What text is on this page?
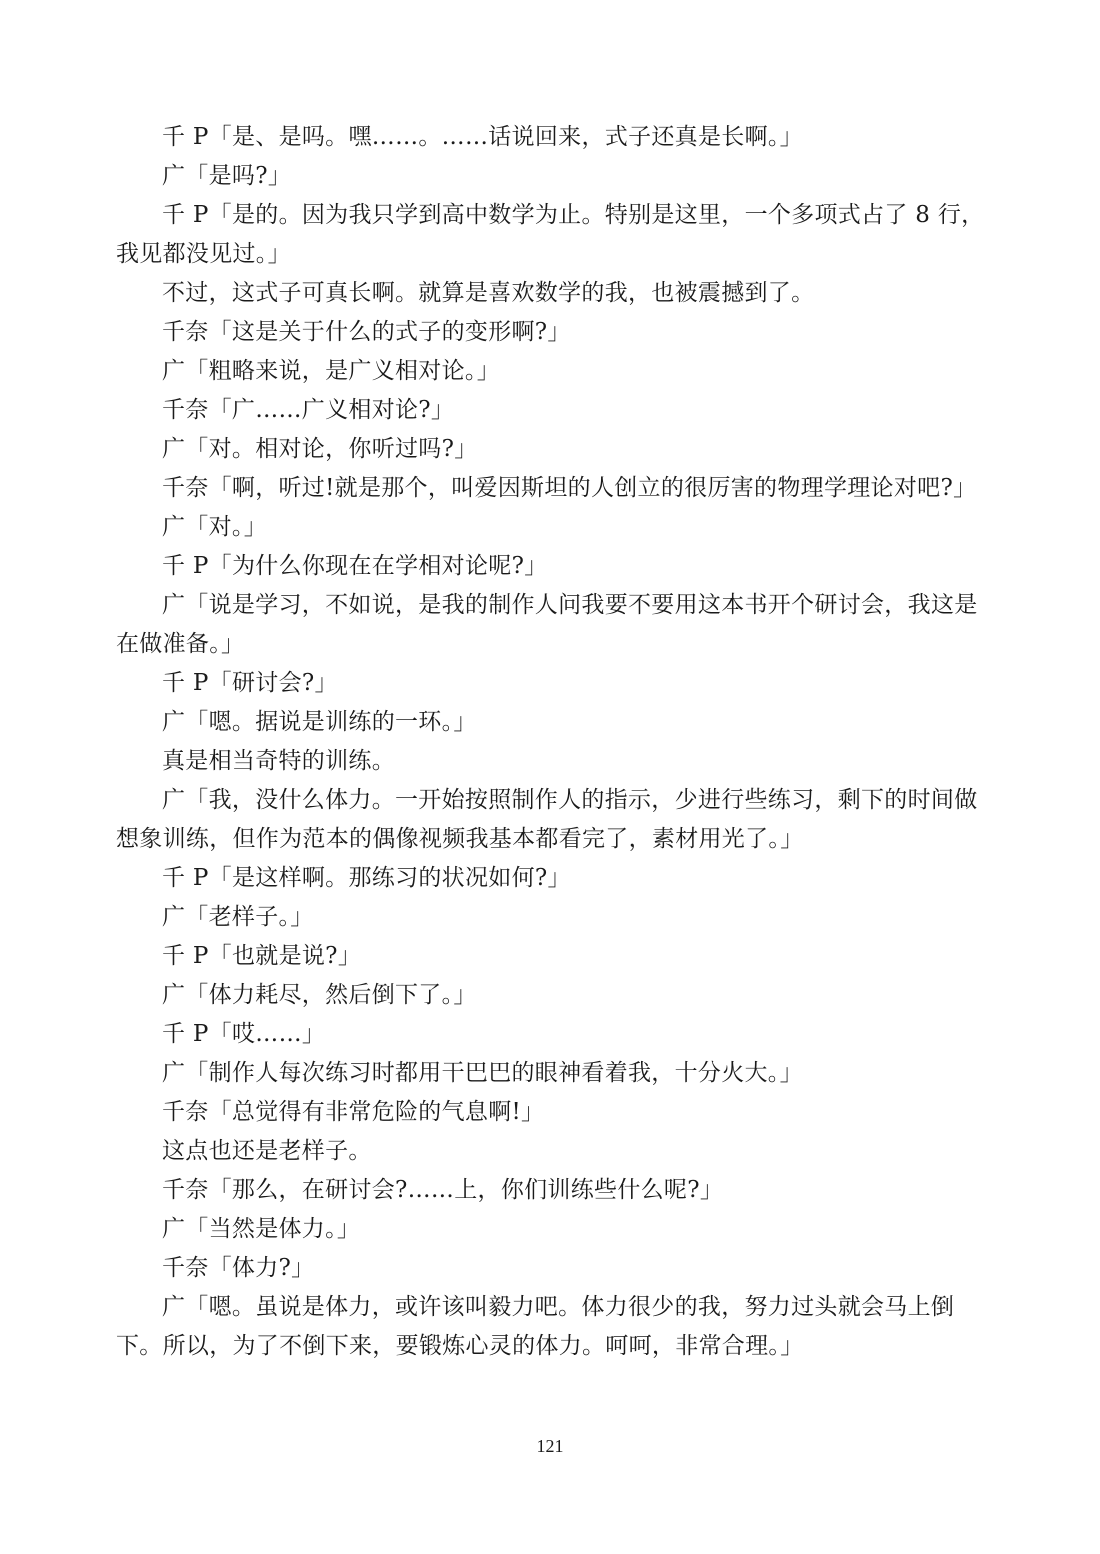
千 P「是、是吗。嘿……。……话说回来，式子还真是长啊。」

广「是吗?」

千 P「是的。因为我只学到高中数学为止。特别是这里，一个多项式占了 8 行，我见都没见过。」

不过，这式子可真长啊。就算是喜欢数学的我，也被震撼到了。

千奈「这是关于什么的式子的变形啊?」

广「粗略来说，是广义相对论。」

千奈「广……广义相对论?」

广「对。相对论，你听过吗?」

千奈「啊，听过!就是那个，叫爱因斯坦的人创立的很厉害的物理学理论对吧?」

广「对。」

千 P「为什么你现在在学相对论呢?」

广「说是学习，不如说，是我的制作人问我要不要用这本书开个研讨会，我这是在做准备。」

千 P「研讨会?」

广「嗯。据说是训练的一环。」

真是相当奇特的训练。

广「我，没什么体力。一开始按照制作人的指示，少进行些练习，剩下的时间做想象训练，但作为范本的偶像视频我基本都看完了，素材用光了。」

千 P「是这样啊。那练习的状况如何?」

广「老样子。」

千 P「也就是说?」

广「体力耗尽，然后倒下了。」

千 P「哎……」

广「制作人每次练习时都用干巴巴的眼神看着我，十分火大。」

千奈「总觉得有非常危险的气息啊!」

这点也还是老样子。

千奈「那么，在研讨会?……上，你们训练些什么呢?」

广「当然是体力。」

千奈「体力?」

广「嗯。虽说是体力，或许该叫毅力吧。体力很少的我，努力过头就会马上倒下。所以，为了不倒下来，要锻炼心灵的体力。呵呵，非常合理。」

121
